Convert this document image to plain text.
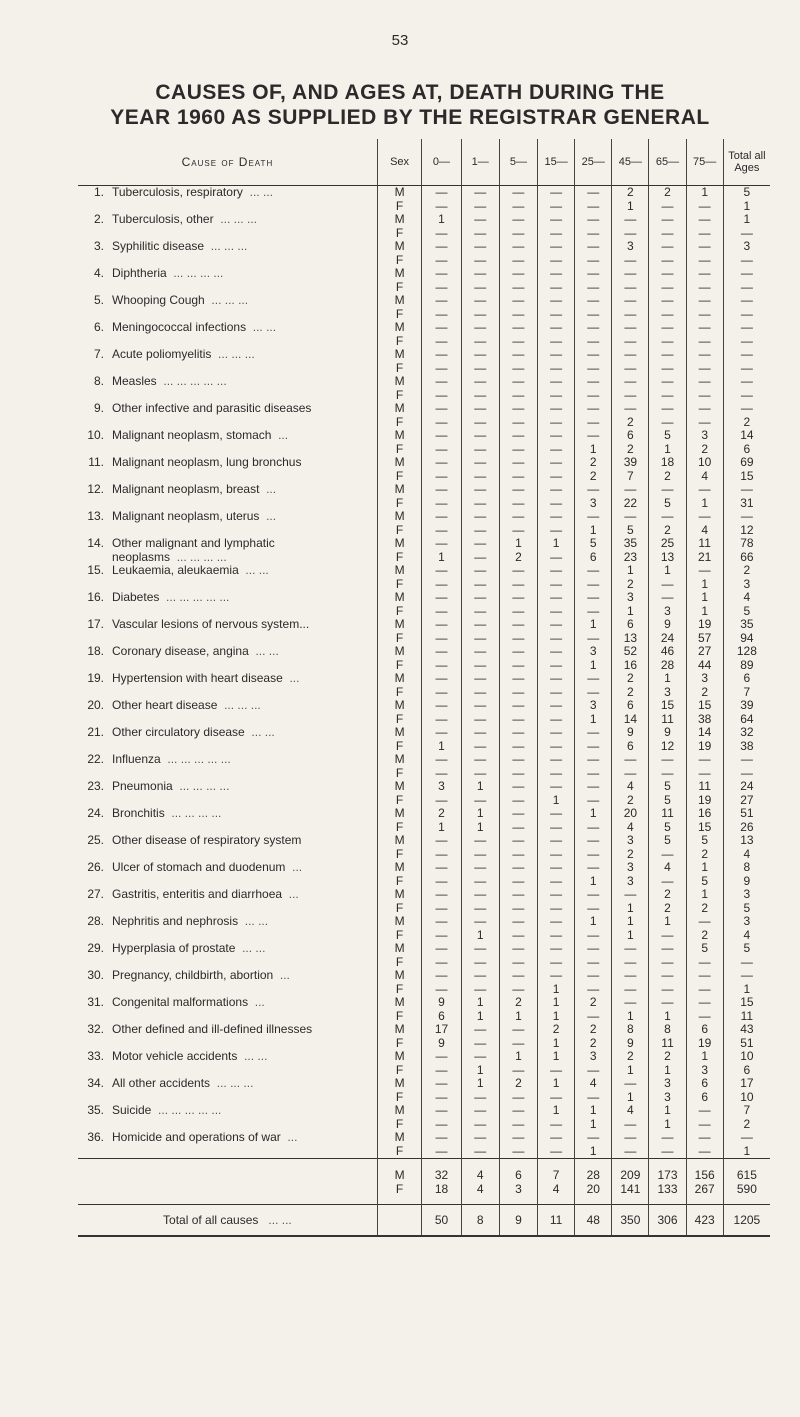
53
CAUSES OF, AND AGES AT, DEATH DURING THE
YEAR 1960 AS SUPPLIED BY THE REGISTRAR GENERAL
Cause of Death	Sex	0—	1—	5—	15—	25—	45—	65—	75—	Total all Ages

1. Tuberculosis, respiratory ... ...	M	—	—	—	—	—	2	2	1	5
	F	—	—	—	—	—	1	—	—	1

2. Tuberculosis, other ... ... ...	M	1	—	—	—	—	—	—	—	1
	F	—	—	—	—	—	—	—	—	—

3. Syphilitic disease ... ... ...	M	—	—	—	—	—	3	—	—	3
	F	—	—	—	—	—	—	—	—	—

4. Diphtheria ... ... ... ...	M	—	—	—	—	—	—	—	—	—
	F	—	—	—	—	—	—	—	—	—

5. Whooping Cough ... ... ...	M	—	—	—	—	—	—	—	—	—
	F	—	—	—	—	—	—	—	—	—

6. Meningococcal infections ... ...	M	—	—	—	—	—	—	—	—	—
	F	—	—	—	—	—	—	—	—	—

7. Acute poliomyelitis ... ... ...	M	—	—	—	—	—	—	—	—	—
	F	—	—	—	—	—	—	—	—	—

8. Measles ... ... ... ... ...	M	—	—	—	—	—	—	—	—	—
	F	—	—	—	—	—	—	—	—	—

9. Other infective and parasitic diseases	M	—	—	—	—	—	—	—	—	—
	F	—	—	—	—	—	2	—	—	2

10. Malignant neoplasm, stomach ...	M	—	—	—	—	—	6	5	3	14
	F	—	—	—	—	1	2	1	2	6

11. Malignant neoplasm, lung bronchus	M	—	—	—	—	2	39	18	10	69
	F	—	—	—	—	2	7	2	4	15

12. Malignant neoplasm, breast ...	M	—	—	—	—	—	—	—	—	—
	F	—	—	—	—	3	22	5	1	31

13. Malignant neoplasm, uterus ...	M	—	—	—	—	—	—	—	—	—
	F	—	—	—	—	1	5	2	4	12

14. Other malignant and lymphatic	M	—	—	1	1	5	35	25	11	78

neoplasms ... ... ... ...	F	1	—	2	—	6	23	13	21	66

15. Leukaemia, aleukaemia ... ...	M	—	—	—	—	—	1	1	—	2
	F	—	—	—	—	—	2	—	1	3

16. Diabetes ... ... ... ... ...	M	—	—	—	—	—	3	—	1	4
	F	—	—	—	—	—	1	3	1	5

17. Vascular lesions of nervous system...	M	—	—	—	—	1	6	9	19	35
	F	—	—	—	—	—	13	24	57	94

18. Coronary disease, angina ... ...	M	—	—	—	—	3	52	46	27	128
	F	—	—	—	—	1	16	28	44	89

19. Hypertension with heart disease ...	M	—	—	—	—	—	2	1	3	6
	F	—	—	—	—	—	2	3	2	7

20. Other heart disease ... ... ...	M	—	—	—	—	3	6	15	15	39
	F	—	—	—	—	1	14	11	38	64

21. Other circulatory disease ... ...	M	—	—	—	—	—	9	9	14	32
	F	1	—	—	—	—	6	12	19	38

22. Influenza ... ... ... ... ...	M	—	—	—	—	—	—	—	—	—
	F	—	—	—	—	—	—	—	—	—

23. Pneumonia ... ... ... ...	M	3	1	—	—	—	4	5	11	24
	F	—	—	—	1	—	2	5	19	27

24. Bronchitis ... ... ... ...	M	2	1	—	—	1	20	11	16	51
	F	1	1	—	—	—	4	5	15	26

25. Other disease of respiratory system	M	—	—	—	—	—	3	5	5	13
	F	—	—	—	—	—	2	—	2	4

26. Ulcer of stomach and duodenum ...	M	—	—	—	—	—	3	4	1	8
	F	—	—	—	—	1	3	—	5	9

27. Gastritis, enteritis and diarrhoea ...	M	—	—	—	—	—	—	2	1	3
	F	—	—	—	—	—	1	2	2	5

28. Nephritis and nephrosis ... ...	M	—	—	—	—	1	1	1	—	3
	F	—	1	—	—	—	1	—	2	4

29. Hyperplasia of prostate ... ...	M	—	—	—	—	—	—	—	5	5
	F	—	—	—	—	—	—	—	—	—

30. Pregnancy, childbirth, abortion ...	M	—	—	—	—	—	—	—	—	—
	F	—	—	—	1	—	—	—	—	1

31. Congenital malformations ...	M	9	1	2	1	2	—	—	—	15
	F	6	1	1	1	—	1	1	—	11

32. Other defined and ill-defined illnesses	M	17	—	—	2	2	8	8	6	43
	F	9	—	—	1	2	9	11	19	51

33. Motor vehicle accidents ... ...	M	—	—	1	1	3	2	2	1	10
	F	—	1	—	—	—	1	1	3	6

34. All other accidents ... ... ...	M	—	1	2	1	4	—	3	6	17
	F	—	—	—	—	—	1	3	6	10

35. Suicide ... ... ... ... ...	M	—	—	—	1	1	4	1	—	7
	F	—	—	—	—	1	—	1	—	2

36. Homicide and operations of war ...	M	—	—	—	—	—	—	—	—	—
	F	—	—	—	—	1	—	—	—	1
	M	32	4	6	7	28	209	173	156	615
	F	18	4	3	4	20	141	133	267	590

Total of all causes ... ...		50	8	9	11	48	350	306	423	1205
